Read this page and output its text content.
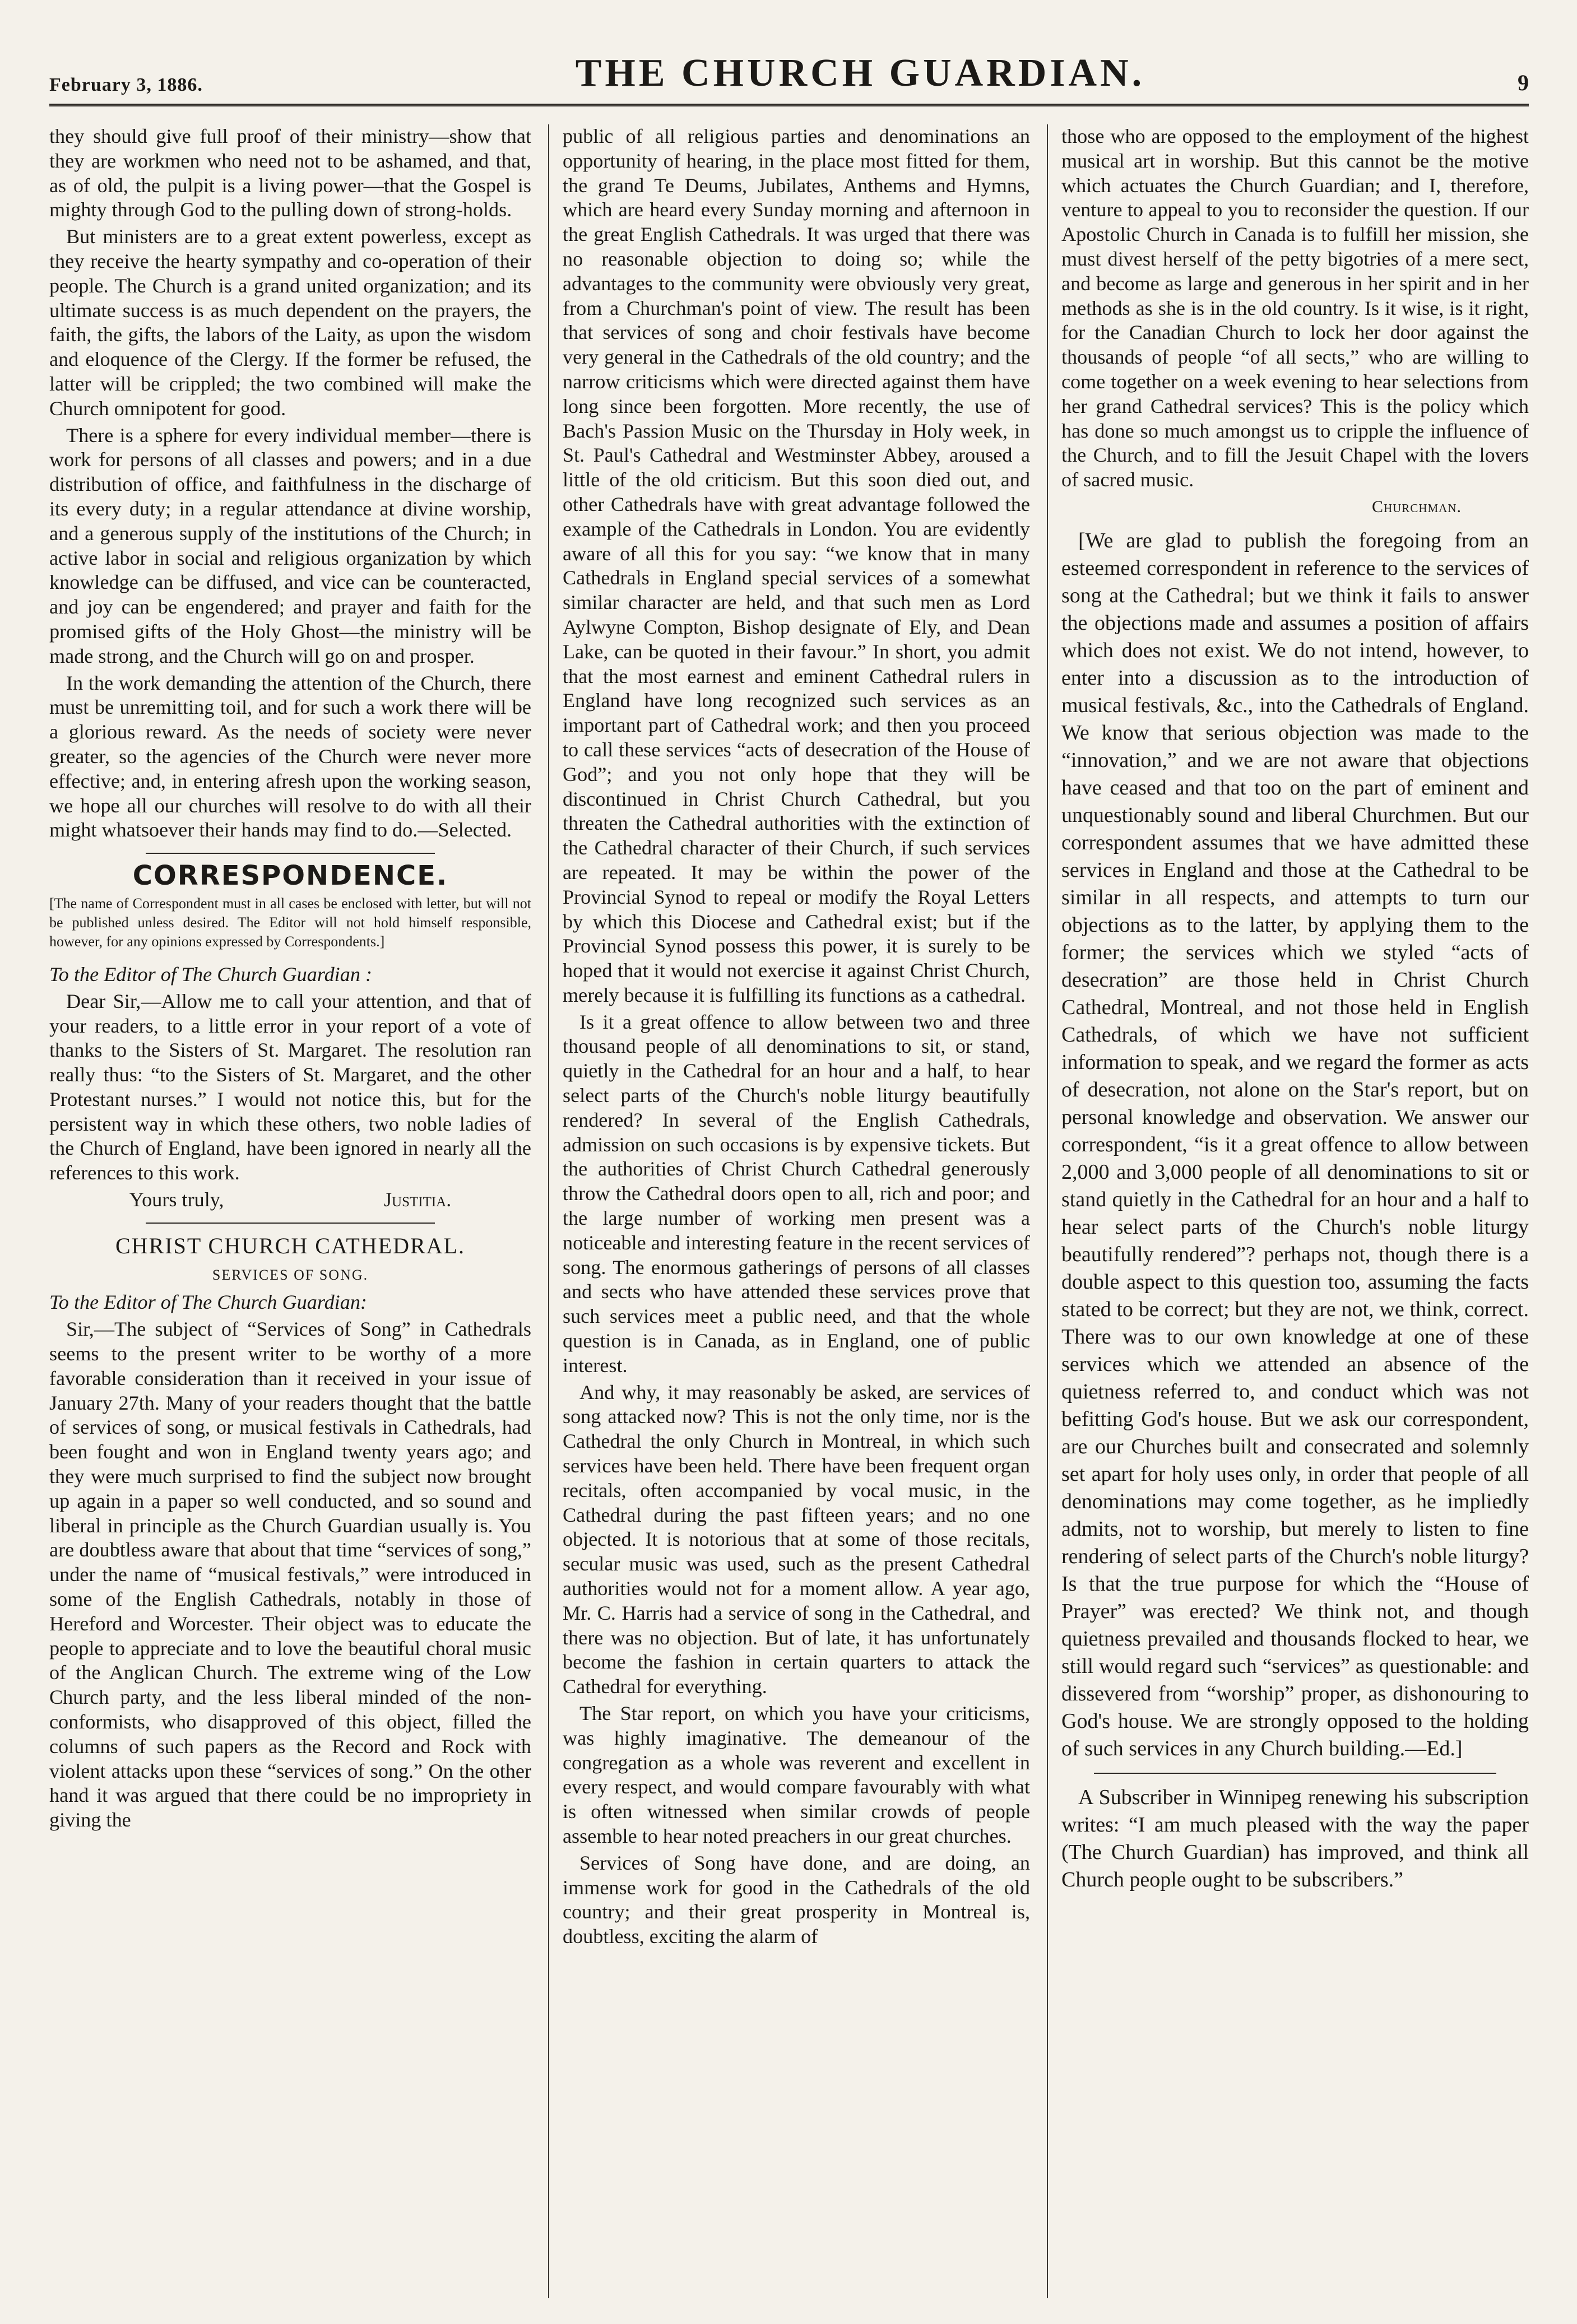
February 3, 1886.	THE CHURCH GUARDIAN.	9

they should give full proof of their ministry—show that they are workmen who need not to be ashamed, and that, as of old, the pulpit is a living power—that the Gospel is mighty through God to the pulling down of strong-holds.

But ministers are to a great extent powerless, except as they receive the hearty sympathy and co-operation of their people. The Church is a grand united organization; and its ultimate success is as much dependent on the prayers, the faith, the gifts, the labors of the Laity, as upon the wisdom and eloquence of the Clergy. If the former be refused, the latter will be crippled; the two combined will make the Church omnipotent for good.

There is a sphere for every individual member—there is work for persons of all classes and powers; and in a due distribution of office, and faithfulness in the discharge of its every duty; in a regular attendance at divine worship, and a generous supply of the institutions of the Church; in active labor in social and religious organization by which knowledge can be diffused, and vice can be counteracted, and joy can be engendered; and prayer and faith for the promised gifts of the Holy Ghost—the ministry will be made strong, and the Church will go on and prosper.

In the work demanding the attention of the Church, there must be unremitting toil, and for such a work there will be a glorious reward. As the needs of society were never greater, so the agencies of the Church were never more effective; and, in entering afresh upon the working season, we hope all our churches will resolve to do with all their might whatsoever their hands may find to do.—Selected.

CORRESPONDENCE.

[The name of Correspondent must in all cases be enclosed with letter, but will not be published unless desired. The Editor will not hold himself responsible, however, for any opinions expressed by Correspondents.]

To the Editor of The Church Guardian :

Dear Sir,—Allow me to call your attention, and that of your readers, to a little error in your report of a vote of thanks to the Sisters of St. Margaret. The resolution ran really thus: “to the Sisters of St. Margaret, and the other Protestant nurses.” I would not notice this, but for the persistent way in which these others, two noble ladies of the Church of England, have been ignored in nearly all the references to this work.

Yours truly,	Justitia.
CHRIST CHURCH CATHEDRAL.
SERVICES OF SONG.

To the Editor of The Church Guardian:

Sir,—The subject of “Services of Song” in Cathedrals seems to the present writer to be worthy of a more favorable consideration than it received in your issue of January 27th. Many of your readers thought that the battle of services of song, or musical festivals in Cathedrals, had been fought and won in England twenty years ago; and they were much surprised to find the subject now brought up again in a paper so well conducted, and so sound and liberal in principle as the Church Guardian usually is. You are doubtless aware that about that time “services of song,” under the name of “musical festivals,” were introduced in some of the English Cathedrals, notably in those of Hereford and Worcester. Their object was to educate the people to appreciate and to love the beautiful choral music of the Anglican Church. The extreme wing of the Low Church party, and the less liberal minded of the non-conformists, who disapproved of this object, filled the columns of such papers as the Record and Rock with violent attacks upon these “services of song.” On the other hand it was argued that there could be no impropriety in giving the

public of all religious parties and denominations an opportunity of hearing, in the place most fitted for them, the grand Te Deums, Jubilates, Anthems and Hymns, which are heard every Sunday morning and afternoon in the great English Cathedrals. It was urged that there was no reasonable objection to doing so; while the advantages to the community were obviously very great, from a Churchman's point of view. The result has been that services of song and choir festivals have become very general in the Cathedrals of the old country; and the narrow criticisms which were directed against them have long since been forgotten. More recently, the use of Bach's Passion Music on the Thursday in Holy week, in St. Paul's Cathedral and Westminster Abbey, aroused a little of the old criticism. But this soon died out, and other Cathedrals have with great advantage followed the example of the Cathedrals in London. You are evidently aware of all this for you say: “we know that in many Cathedrals in England special services of a somewhat similar character are held, and that such men as Lord Aylwyne Compton, Bishop designate of Ely, and Dean Lake, can be quoted in their favour.” In short, you admit that the most earnest and eminent Cathedral rulers in England have long recognized such services as an important part of Cathedral work; and then you proceed to call these services “acts of desecration of the House of God”; and you not only hope that they will be discontinued in Christ Church Cathedral, but you threaten the Cathedral authorities with the extinction of the Cathedral character of their Church, if such services are repeated. It may be within the power of the Provincial Synod to repeal or modify the Royal Letters by which this Diocese and Cathedral exist; but if the Provincial Synod possess this power, it is surely to be hoped that it would not exercise it against Christ Church, merely because it is fulfilling its functions as a cathedral.

Is it a great offence to allow between two and three thousand people of all denominations to sit, or stand, quietly in the Cathedral for an hour and a half, to hear select parts of the Church's noble liturgy beautifully rendered? In several of the English Cathedrals, admission on such occasions is by expensive tickets. But the authorities of Christ Church Cathedral generously throw the Cathedral doors open to all, rich and poor; and the large number of working men present was a noticeable and interesting feature in the recent services of song. The enormous gatherings of persons of all classes and sects who have attended these services prove that such services meet a public need, and that the whole question is in Canada, as in England, one of public interest.

And why, it may reasonably be asked, are services of song attacked now? This is not the only time, nor is the Cathedral the only Church in Montreal, in which such services have been held. There have been frequent organ recitals, often accompanied by vocal music, in the Cathedral during the past fifteen years; and no one objected. It is notorious that at some of those recitals, secular music was used, such as the present Cathedral authorities would not for a moment allow. A year ago, Mr. C. Harris had a service of song in the Cathedral, and there was no objection. But of late, it has unfortunately become the fashion in certain quarters to attack the Cathedral for everything.

The Star report, on which you have your criticisms, was highly imaginative. The demeanour of the congregation as a whole was reverent and excellent in every respect, and would compare favourably with what is often witnessed when similar crowds of people assemble to hear noted preachers in our great churches.

Services of Song have done, and are doing, an immense work for good in the Cathedrals of the old country; and their great prosperity in Montreal is, doubtless, exciting the alarm of

those who are opposed to the employment of the highest musical art in worship. But this cannot be the motive which actuates the Church Guardian; and I, therefore, venture to appeal to you to reconsider the question. If our Apostolic Church in Canada is to fulfill her mission, she must divest herself of the petty bigotries of a mere sect, and become as large and generous in her spirit and in her methods as she is in the old country. Is it wise, is it right, for the Canadian Church to lock her door against the thousands of people “of all sects,” who are willing to come together on a week evening to hear selections from her grand Cathedral services? This is the policy which has done so much amongst us to cripple the influence of the Church, and to fill the Jesuit Chapel with the lovers of sacred music.

Churchman.

[We are glad to publish the foregoing from an esteemed correspondent in reference to the services of song at the Cathedral; but we think it fails to answer the objections made and assumes a position of affairs which does not exist. We do not intend, however, to enter into a discussion as to the introduction of musical festivals, &c., into the Cathedrals of England. We know that serious objection was made to the “innovation,” and we are not aware that objections have ceased and that too on the part of eminent and unquestionably sound and liberal Churchmen. But our correspondent assumes that we have admitted these services in England and those at the Cathedral to be similar in all respects, and attempts to turn our objections as to the latter, by applying them to the former; the services which we styled “acts of desecration” are those held in Christ Church Cathedral, Montreal, and not those held in English Cathedrals, of which we have not sufficient information to speak, and we regard the former as acts of desecration, not alone on the Star's report, but on personal knowledge and observation. We answer our correspondent, “is it a great offence to allow between 2,000 and 3,000 people of all denominations to sit or stand quietly in the Cathedral for an hour and a half to hear select parts of the Church's noble liturgy beautifully rendered”? perhaps not, though there is a double aspect to this question too, assuming the facts stated to be correct; but they are not, we think, correct. There was to our own knowledge at one of these services which we attended an absence of the quietness referred to, and conduct which was not befitting God's house. But we ask our correspondent, are our Churches built and consecrated and solemnly set apart for holy uses only, in order that people of all denominations may come together, as he impliedly admits, not to worship, but merely to listen to fine rendering of select parts of the Church's noble liturgy? Is that the true purpose for which the “House of Prayer” was erected? We think not, and though quietness prevailed and thousands flocked to hear, we still would regard such “services” as questionable: and dissevered from “worship” proper, as dishonouring to God's house. We are strongly opposed to the holding of such services in any Church building.—Ed.]

A Subscriber in Winnipeg renewing his subscription writes: “I am much pleased with the way the paper (The Church Guardian) has improved, and think all Church people ought to be subscribers.”
